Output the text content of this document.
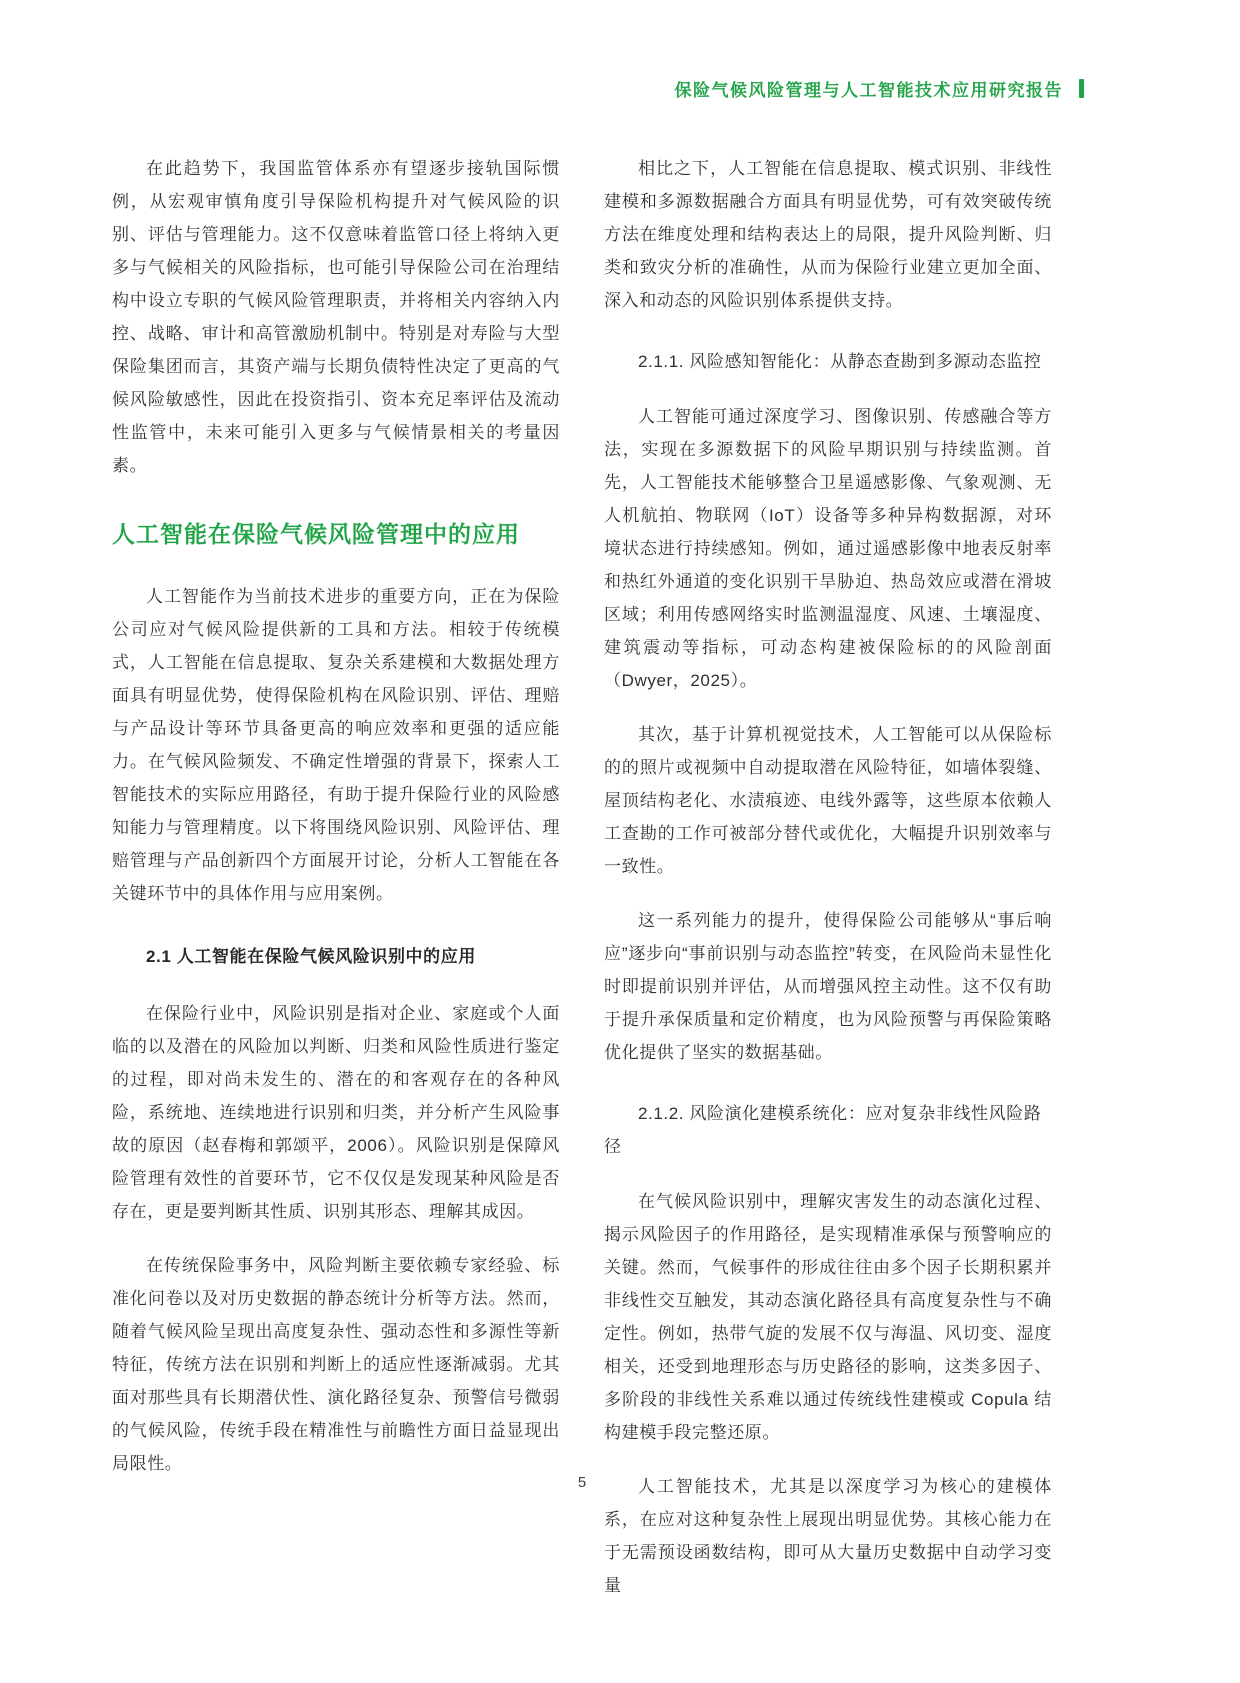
保险气候风险管理与人工智能技术应用研究报告

在此趋势下，我国监管体系亦有望逐步接轨国际惯例，从宏观审慎角度引导保险机构提升对气候风险的识别、评估与管理能力。这不仅意味着监管口径上将纳入更多与气候相关的风险指标，也可能引导保险公司在治理结构中设立专职的气候风险管理职责，并将相关内容纳入内控、战略、审计和高管激励机制中。特别是对寿险与大型保险集团而言，其资产端与长期负债特性决定了更高的气候风险敏感性，因此在投资指引、资本充足率评估及流动性监管中，未来可能引入更多与气候情景相关的考量因素。

人工智能在保险气候风险管理中的应用

人工智能作为当前技术进步的重要方向，正在为保险公司应对气候风险提供新的工具和方法。相较于传统模式，人工智能在信息提取、复杂关系建模和大数据处理方面具有明显优势，使得保险机构在风险识别、评估、理赔与产品设计等环节具备更高的响应效率和更强的适应能力。在气候风险频发、不确定性增强的背景下，探索人工智能技术的实际应用路径，有助于提升保险行业的风险感知能力与管理精度。以下将围绕风险识别、风险评估、理赔管理与产品创新四个方面展开讨论，分析人工智能在各关键环节中的具体作用与应用案例。

2.1 人工智能在保险气候风险识别中的应用

在保险行业中，风险识别是指对企业、家庭或个人面临的以及潜在的风险加以判断、归类和风险性质进行鉴定的过程，即对尚未发生的、潜在的和客观存在的各种风险，系统地、连续地进行识别和归类，并分析产生风险事故的原因（赵春梅和郭颂平，2006）。风险识别是保障风险管理有效性的首要环节，它不仅仅是发现某种风险是否存在，更是要判断其性质、识别其形态、理解其成因。

在传统保险事务中，风险判断主要依赖专家经验、标准化问卷以及对历史数据的静态统计分析等方法。然而，随着气候风险呈现出高度复杂性、强动态性和多源性等新特征，传统方法在识别和判断上的适应性逐渐减弱。尤其面对那些具有长期潜伏性、演化路径复杂、预警信号微弱的气候风险，传统手段在精准性与前瞻性方面日益显现出局限性。

相比之下，人工智能在信息提取、模式识别、非线性建模和多源数据融合方面具有明显优势，可有效突破传统方法在维度处理和结构表达上的局限，提升风险判断、归类和致灾分析的准确性，从而为保险行业建立更加全面、深入和动态的风险识别体系提供支持。

2.1.1. 风险感知智能化：从静态查勘到多源动态监控

人工智能可通过深度学习、图像识别、传感融合等方法，实现在多源数据下的风险早期识别与持续监测。首先，人工智能技术能够整合卫星遥感影像、气象观测、无人机航拍、物联网（IoT）设备等多种异构数据源，对环境状态进行持续感知。例如，通过遥感影像中地表反射率和热红外通道的变化识别干旱胁迫、热岛效应或潜在滑坡区域；利用传感网络实时监测温湿度、风速、土壤湿度、建筑震动等指标，可动态构建被保险标的的风险剖面（Dwyer，2025）。

其次，基于计算机视觉技术，人工智能可以从保险标的的照片或视频中自动提取潜在风险特征，如墙体裂缝、屋顶结构老化、水渍痕迹、电线外露等，这些原本依赖人工查勘的工作可被部分替代或优化，大幅提升识别效率与一致性。

这一系列能力的提升，使得保险公司能够从“事后响应”逐步向“事前识别与动态监控”转变，在风险尚未显性化时即提前识别并评估，从而增强风控主动性。这不仅有助于提升承保质量和定价精度，也为风险预警与再保险策略优化提供了坚实的数据基础。

2.1.2. 风险演化建模系统化：应对复杂非线性风险路径

在气候风险识别中，理解灾害发生的动态演化过程、揭示风险因子的作用路径，是实现精准承保与预警响应的关键。然而，气候事件的形成往往由多个因子长期积累并非线性交互触发，其动态演化路径具有高度复杂性与不确定性。例如，热带气旋的发展不仅与海温、风切变、湿度相关，还受到地理形态与历史路径的影响，这类多因子、多阶段的非线性关系难以通过传统线性建模或 Copula 结构建模手段完整还原。

人工智能技术，尤其是以深度学习为核心的建模体系，在应对这种复杂性上展现出明显优势。其核心能力在于无需预设函数结构，即可从大量历史数据中自动学习变量

5
